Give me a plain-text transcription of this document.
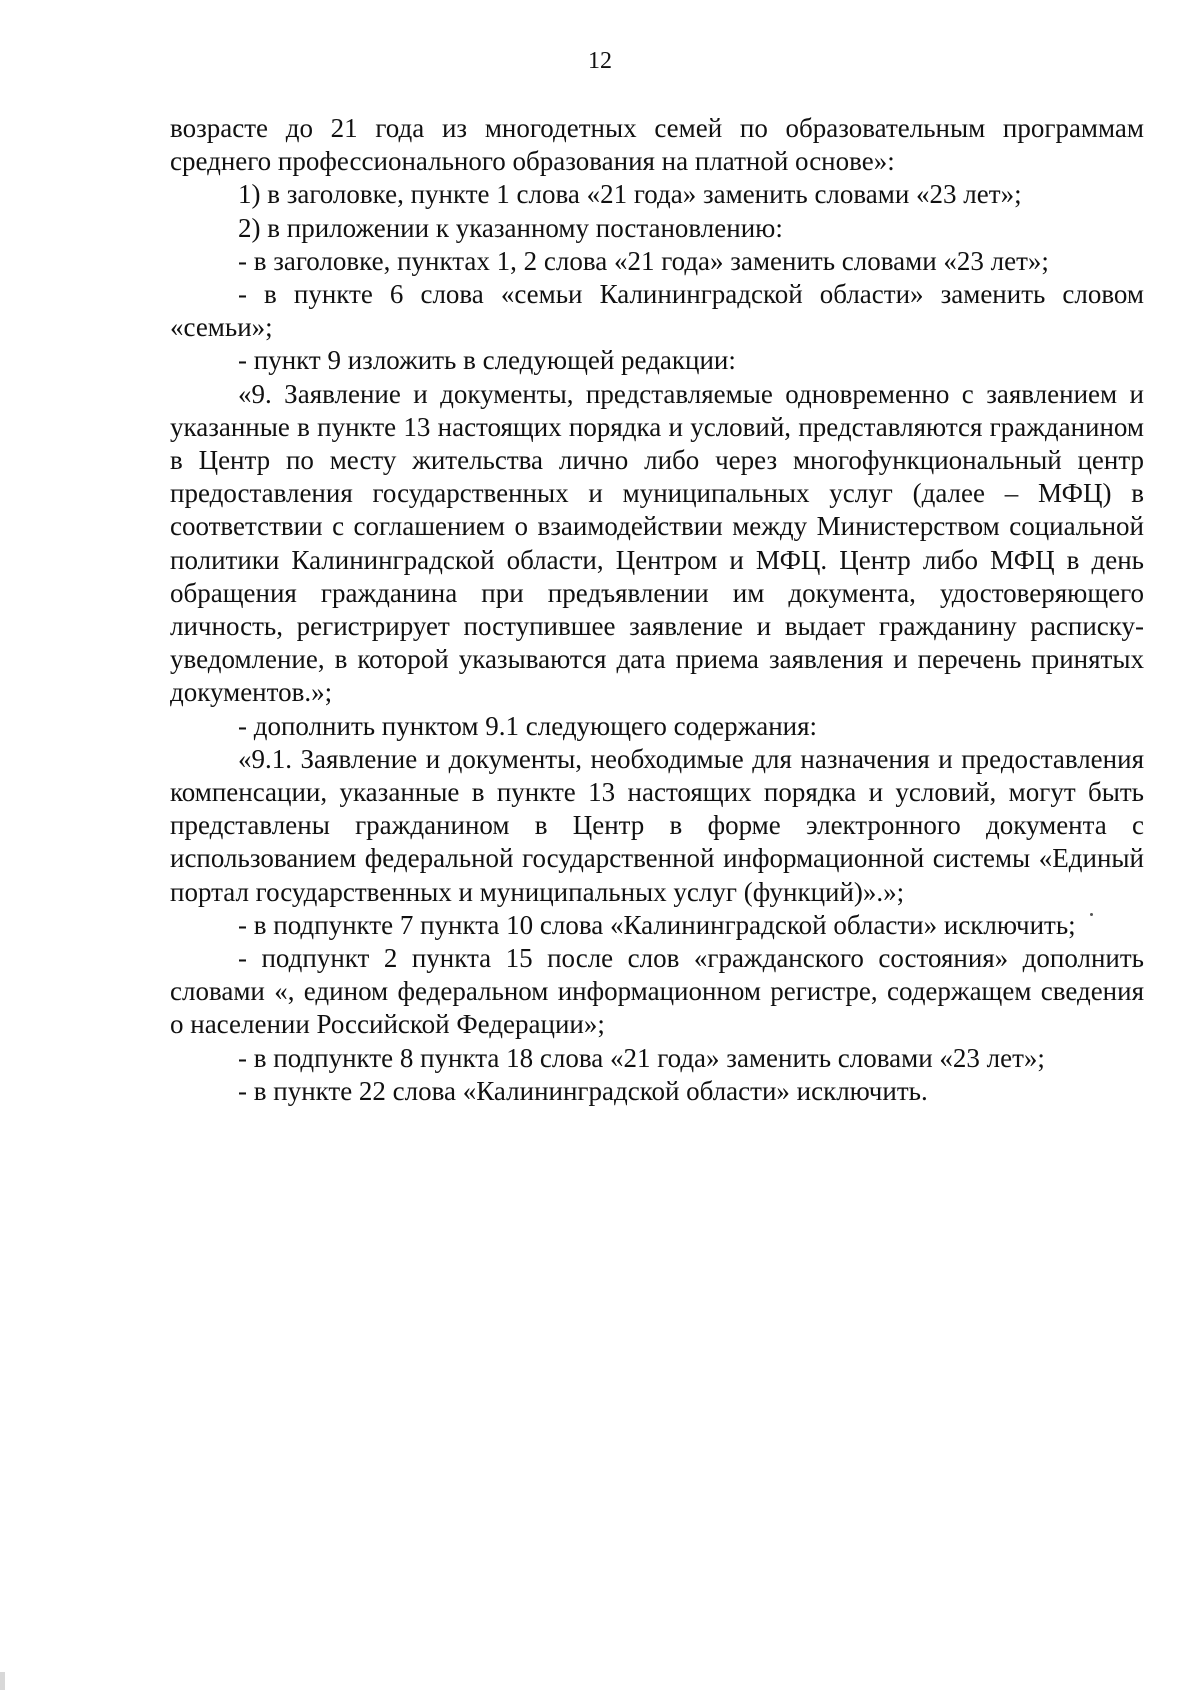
12

возрасте до 21 года из многодетных семей по образовательным программам среднего профессионального образования на платной основе»:

1) в заголовке, пункте 1 слова «21 года» заменить словами «23 лет»;

2) в приложении к указанному постановлению:

- в заголовке, пунктах 1, 2 слова «21 года» заменить словами «23 лет»;

- в пункте 6 слова «семьи Калининградской области» заменить словом «семьи»;

- пункт 9 изложить в следующей редакции:

«9. Заявление и документы, представляемые одновременно с заявлением и указанные в пункте 13 настоящих порядка и условий, представляются гражданином в Центр по месту жительства лично либо через многофункциональный центр предоставления государственных и муниципальных услуг (далее – МФЦ) в соответствии с соглашением о взаимодействии между Министерством социальной политики Калининградской области, Центром и МФЦ. Центр либо МФЦ в день обращения гражданина при предъявлении им документа, удостоверяющего личность, регистрирует поступившее заявление и выдает гражданину расписку-уведомление, в которой указываются дата приема заявления и перечень принятых документов.»;

- дополнить пунктом 9.1 следующего содержания:

«9.1. Заявление и документы, необходимые для назначения и предоставления компенсации, указанные в пункте 13 настоящих порядка и условий, могут быть представлены гражданином в Центр в форме электронного документа с использованием федеральной государственной информационной системы «Единый портал государственных и муниципальных услуг (функций)».»;

- в подпункте 7 пункта 10 слова «Калининградской области» исключить;

- подпункт 2 пункта 15 после слов «гражданского состояния» дополнить словами «, едином федеральном информационном регистре, содержащем сведения о населении Российской Федерации»;

- в подпункте 8 пункта 18 слова «21 года» заменить словами «23 лет»;

- в пункте 22 слова «Калининградской области» исключить.
